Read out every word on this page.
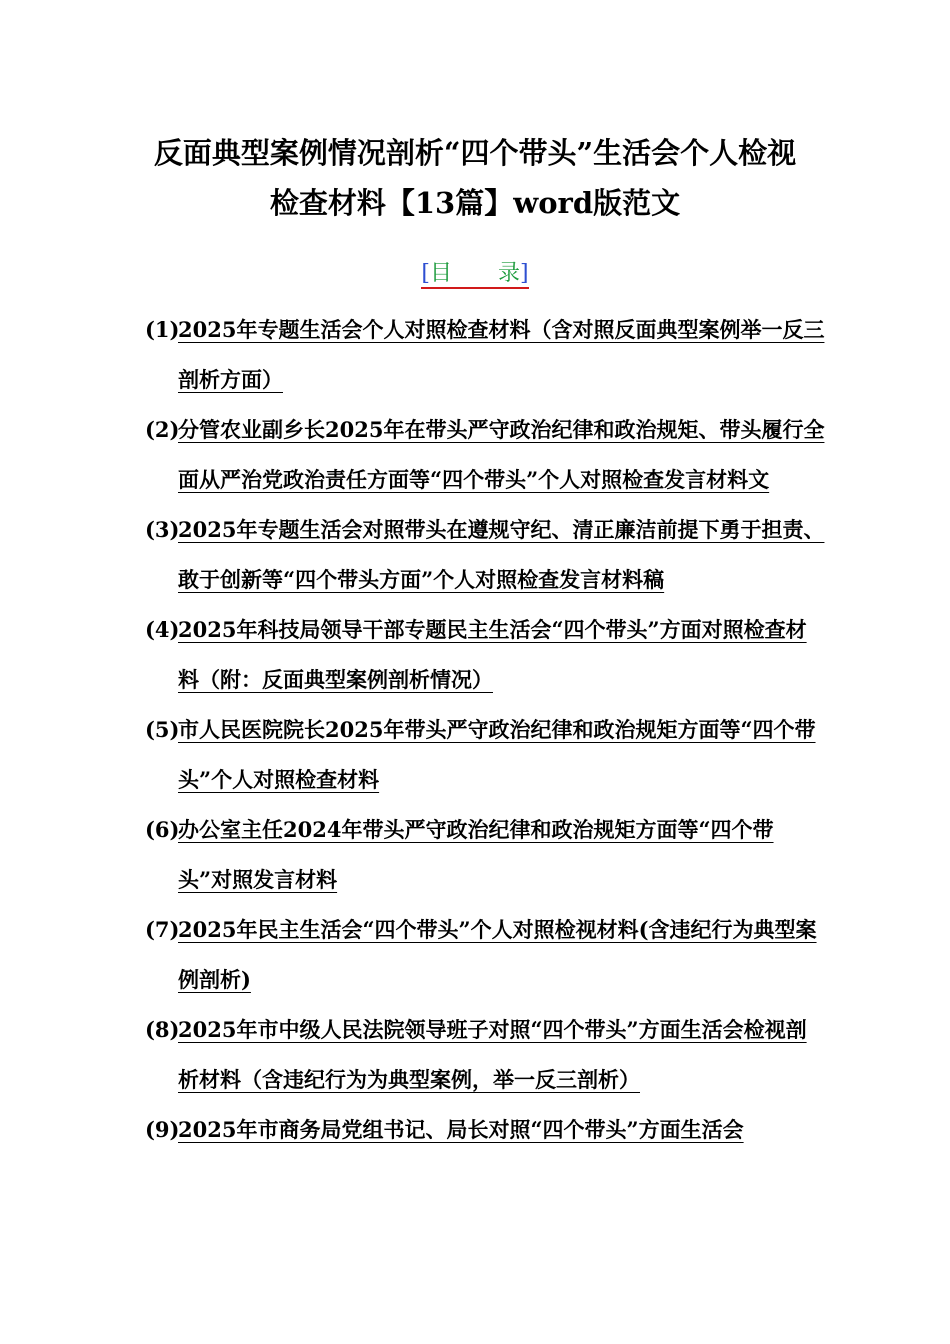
反面典型案例情况剖析“四个带头”生活会个人检视
检查材料【13篇】word版范文
[目 录]
(1)
2025年专题生活会个人对照检查材料（含对照反面典型案例举一反三剖析方面）
(2)
分管农业副乡长2025年在带头严守政治纪律和政治规矩、带头履行全面从严治党政治责任方面等“四个带头”个人对照检查发言材料文
(3)
2025年专题生活会对照带头在遵规守纪、清正廉洁前提下勇于担责、敢于创新等“四个带头方面”个人对照检查发言材料稿
(4)
2025年科技局领导干部专题民主生活会“四个带头”方面对照检查材料（附：反面典型案例剖析情况）
(5)
市人民医院院长2025年带头严守政治纪律和政治规矩方面等“四个带头”个人对照检查材料
(6)
办公室主任2024年带头严守政治纪律和政治规矩方面等“四个带头”对照发言材料
(7)
2025年民主生活会“四个带头”个人对照检视材料(含违纪行为典型案例剖析)
(8)
2025年市中级人民法院领导班子对照“四个带头”方面生活会检视剖析材料（含违纪行为为典型案例，举一反三剖析）
(9)
2025年市商务局党组书记、局长对照“四个带头”方面生活会
